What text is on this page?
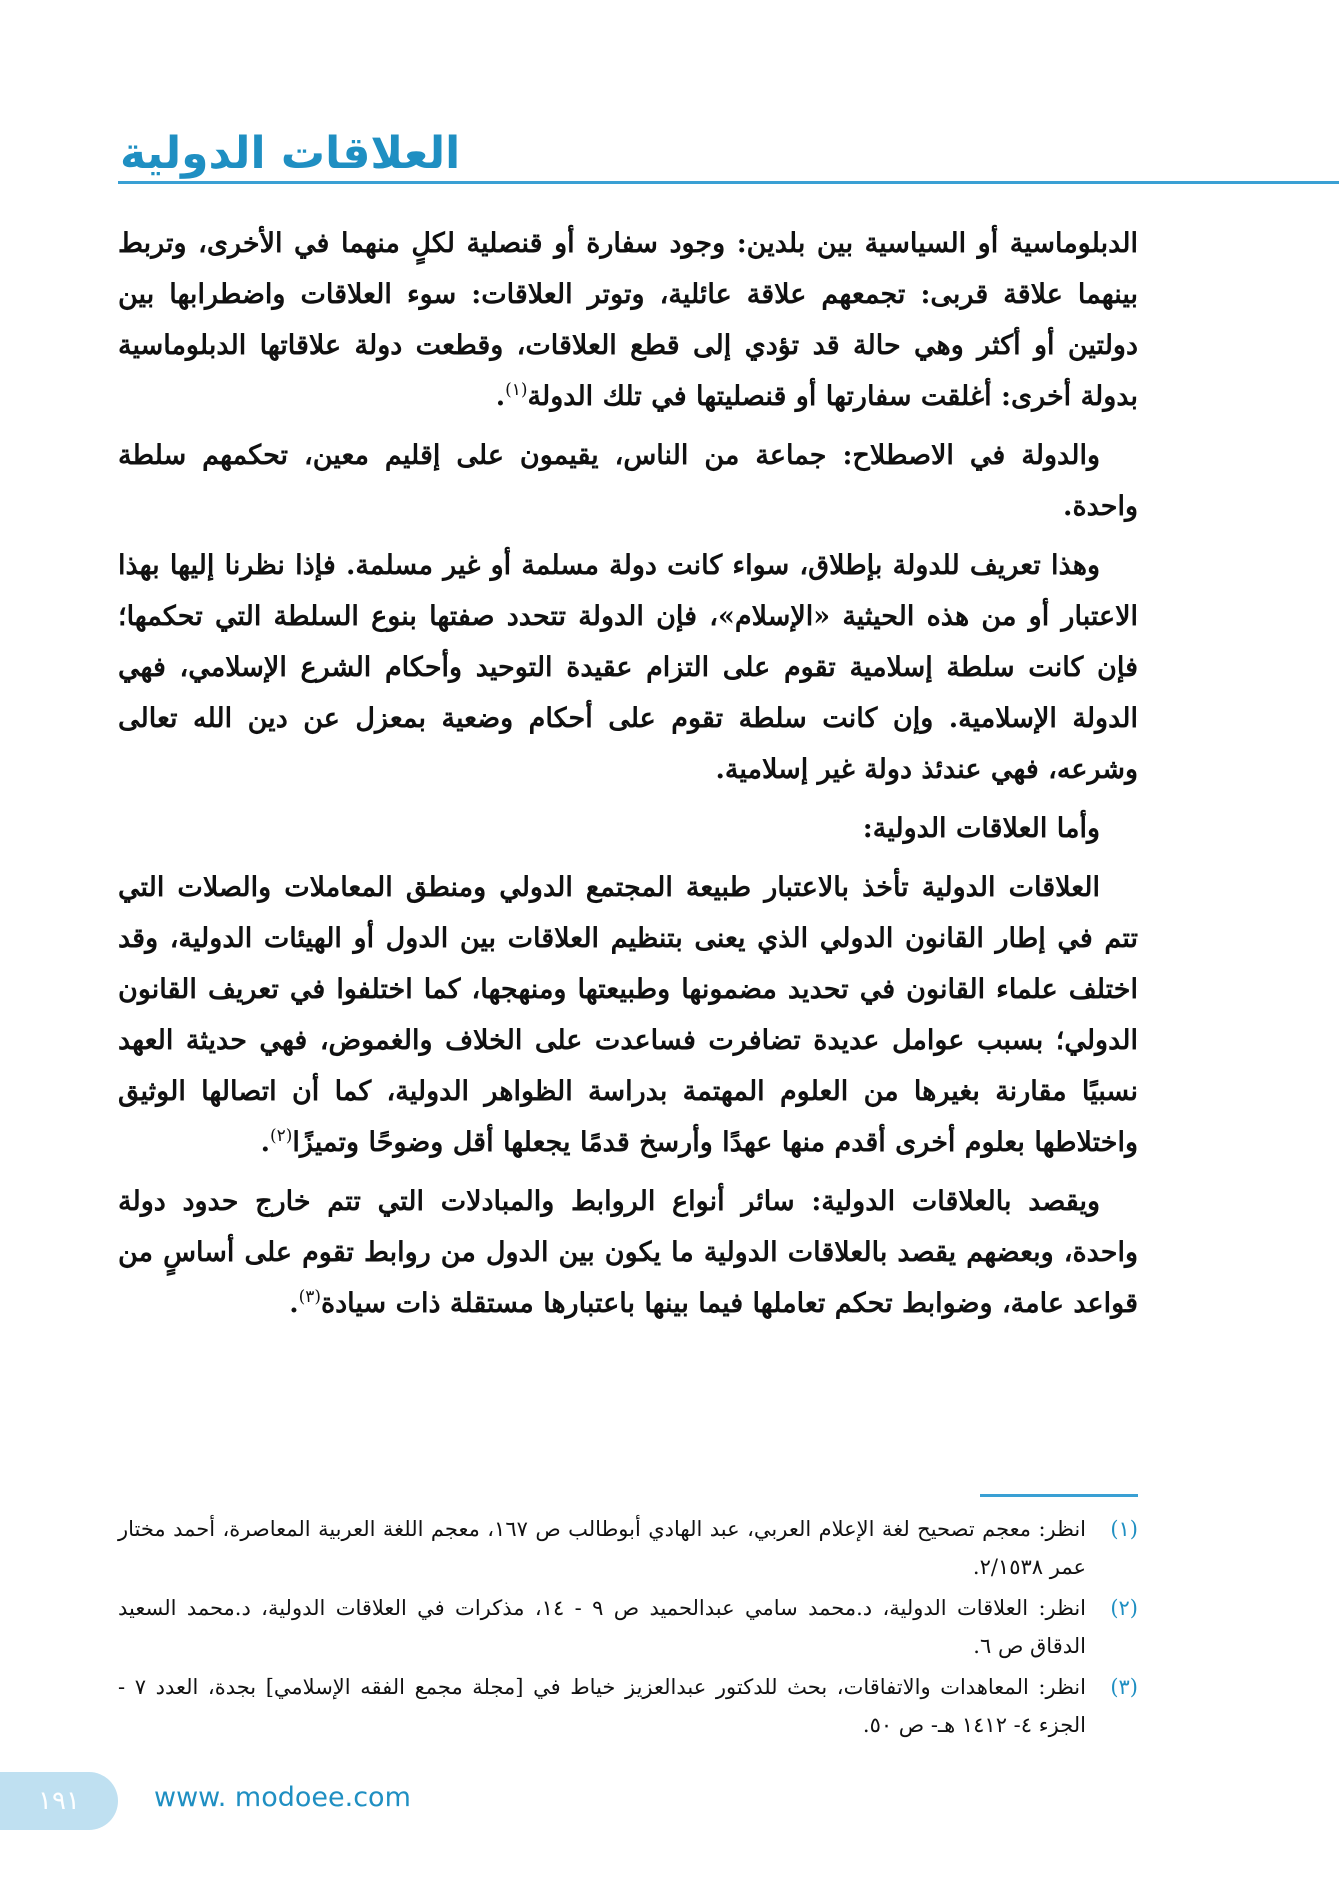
العلاقات الدولية

الدبلوماسية أو السياسية بين بلدين: وجود سفارة أو قنصلية لكلٍ منهما في الأخرى، وتربط بينهما علاقة قربى: تجمعهم علاقة عائلية، وتوتر العلاقات: سوء العلاقات واضطرابها بين دولتين أو أكثر وهي حالة قد تؤدي إلى قطع العلاقات، وقطعت دولة علاقاتها الدبلوماسية بدولة أخرى: أغلقت سفارتها أو قنصليتها في تلك الدولة$^{(١)}$.

والدولة في الاصطلاح: جماعة من الناس، يقيمون على إقليم معين، تحكمهم سلطة واحدة.

وهذا تعريف للدولة بإطلاق، سواء كانت دولة مسلمة أو غير مسلمة. فإذا نظرنا إليها بهذا الاعتبار أو من هذه الحيثية «الإسلام»، فإن الدولة تتحدد صفتها بنوع السلطة التي تحكمها؛ فإن كانت سلطة إسلامية تقوم على التزام عقيدة التوحيد وأحكام الشرع الإسلامي، فهي الدولة الإسلامية. وإن كانت سلطة تقوم على أحكام وضعية بمعزل عن دين الله تعالى وشرعه، فهي عندئذ دولة غير إسلامية.

وأما العلاقات الدولية:

العلاقات الدولية تأخذ بالاعتبار طبيعة المجتمع الدولي ومنطق المعاملات والصلات التي تتم في إطار القانون الدولي الذي يعنى بتنظيم العلاقات بين الدول أو الهيئات الدولية، وقد اختلف علماء القانون في تحديد مضمونها وطبيعتها ومنهجها، كما اختلفوا في تعريف القانون الدولي؛ بسبب عوامل عديدة تضافرت فساعدت على الخلاف والغموض، فهي حديثة العهد نسبيًا مقارنة بغيرها من العلوم المهتمة بدراسة الظواهر الدولية، كما أن اتصالها الوثيق واختلاطها بعلوم أخرى أقدم منها عهدًا وأرسخ قدمًا يجعلها أقل وضوحًا وتميزًا$^{(٢)}$.

ويقصد بالعلاقات الدولية: سائر أنواع الروابط والمبادلات التي تتم خارج حدود دولة واحدة، وبعضهم يقصد بالعلاقات الدولية ما يكون بين الدول من روابط تقوم على أساسٍ من قواعد عامة، وضوابط تحكم تعاملها فيما بينها باعتبارها مستقلة ذات سيادة$^{(٣)}$.

(١)
انظر: معجم تصحيح لغة الإعلام العربي، عبد الهادي أبوطالب ص ١٦٧، معجم اللغة العربية المعاصرة، أحمد مختار عمر ٢/١٥٣٨.
(٢)
انظر: العلاقات الدولية، د.محمد سامي عبدالحميد ص ٩ - ١٤، مذكرات في العلاقات الدولية، د.محمد السعيد الدقاق ص ٦.
(٣)
انظر: المعاهدات والاتفاقات، بحث للدكتور عبدالعزيز خياط في [مجلة مجمع الفقه الإسلامي] بجدة، العدد ٧ - الجزء ٤- ١٤١٢ هـ- ص ٥٠.
١٩١	www. modoee.com
